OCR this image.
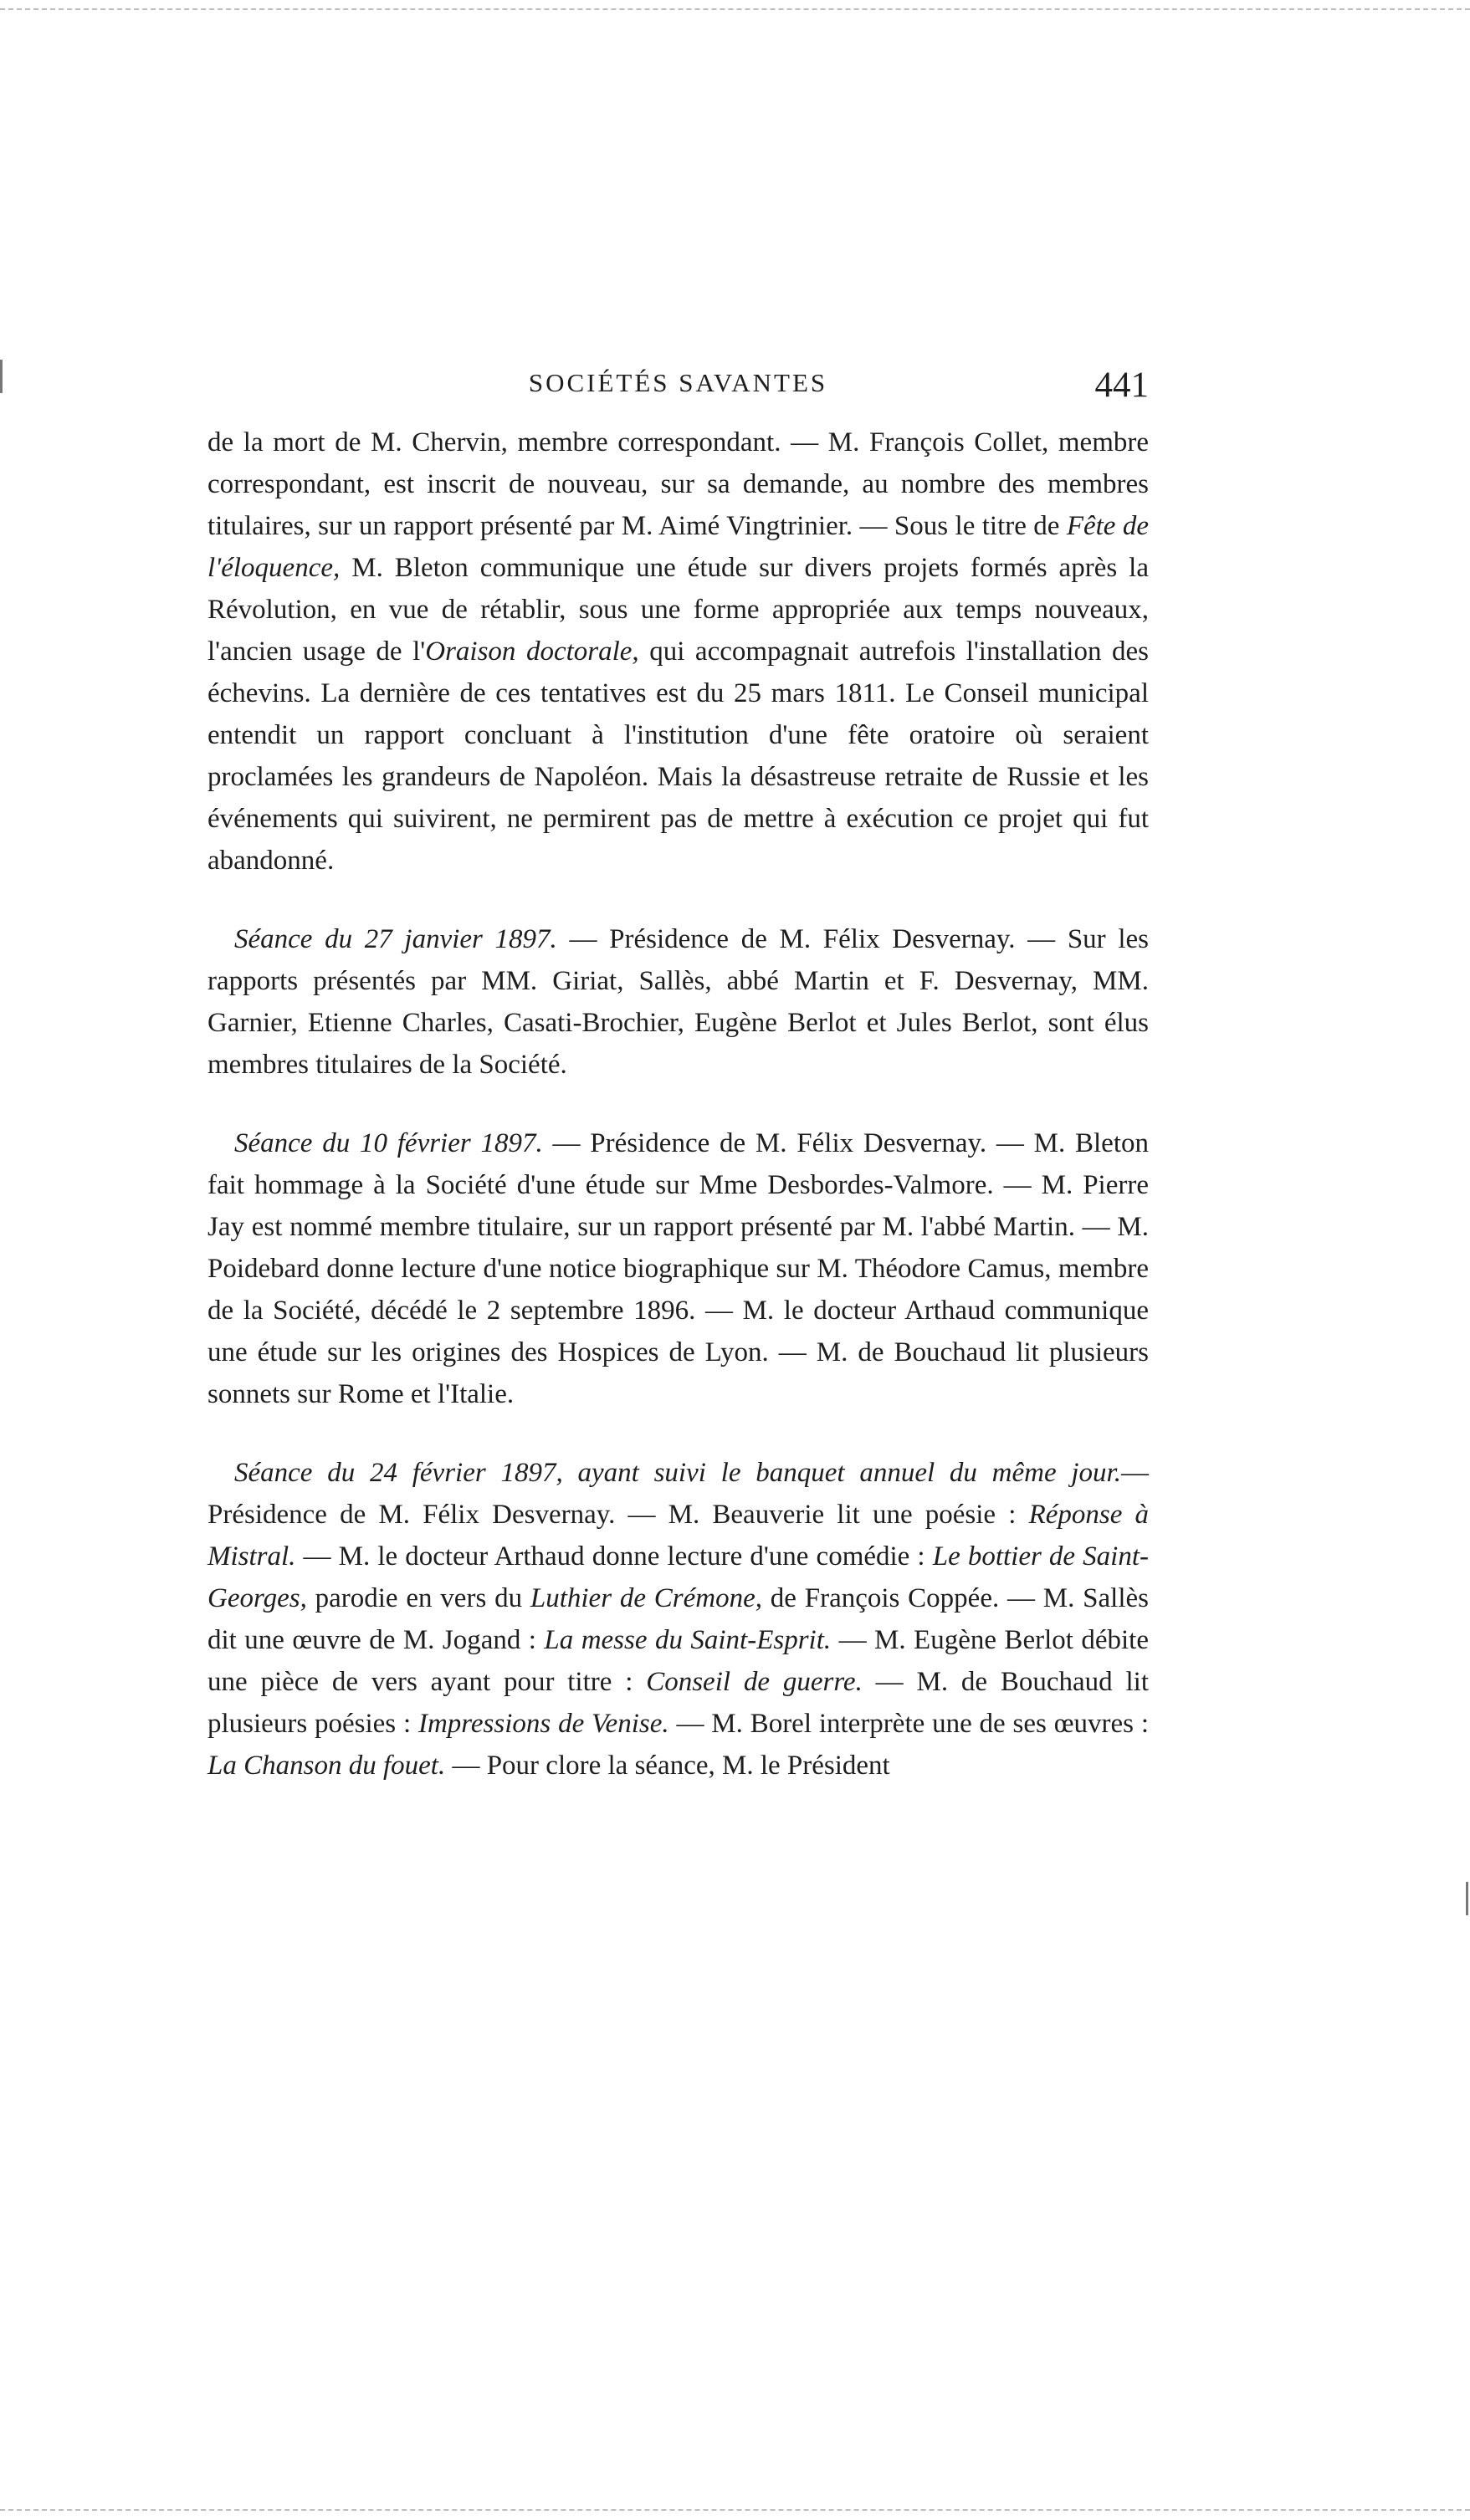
SOCIÉTÉS SAVANTES	441

de la mort de M. Chervin, membre correspondant. — M. François Collet, membre correspondant, est inscrit de nouveau, sur sa demande, au nombre des membres titulaires, sur un rapport présenté par M. Aimé Vingtrinier. — Sous le titre de Fête de l'éloquence, M. Bleton communique une étude sur divers projets formés après la Révolution, en vue de rétablir, sous une forme appropriée aux temps nouveaux, l'ancien usage de l'Oraison doctorale, qui accompagnait autrefois l'installation des échevins. La dernière de ces tentatives est du 25 mars 1811. Le Conseil municipal entendit un rapport concluant à l'institution d'une fête oratoire où seraient proclamées les grandeurs de Napoléon. Mais la désastreuse retraite de Russie et les événements qui suivirent, ne permirent pas de mettre à exécution ce projet qui fut abandonné.

Séance du 27 janvier 1897. — Présidence de M. Félix Desvernay. — Sur les rapports présentés par MM. Giriat, Sallès, abbé Martin et F. Desvernay, MM. Garnier, Etienne Charles, Casati-Brochier, Eugène Berlot et Jules Berlot, sont élus membres titulaires de la Société.

Séance du 10 février 1897. — Présidence de M. Félix Desvernay. — M. Bleton fait hommage à la Société d'une étude sur Mme Desbordes-Valmore. — M. Pierre Jay est nommé membre titulaire, sur un rapport présenté par M. l'abbé Martin. — M. Poidebard donne lecture d'une notice biographique sur M. Théodore Camus, membre de la Société, décédé le 2 septembre 1896. — M. le docteur Arthaud communique une étude sur les origines des Hospices de Lyon. — M. de Bouchaud lit plusieurs sonnets sur Rome et l'Italie.

Séance du 24 février 1897, ayant suivi le banquet annuel du même jour.— Présidence de M. Félix Desvernay. — M. Beauverie lit une poésie : Réponse à Mistral. — M. le docteur Arthaud donne lecture d'une comédie : Le bottier de Saint-Georges, parodie en vers du Luthier de Crémone, de François Coppée. — M. Sallès dit une œuvre de M. Jogand : La messe du Saint-Esprit. — M. Eugène Berlot débite une pièce de vers ayant pour titre : Conseil de guerre. — M. de Bouchaud lit plusieurs poésies : Impressions de Venise. — M. Borel interprète une de ses œuvres : La Chanson du fouet. — Pour clore la séance, M. le Président
